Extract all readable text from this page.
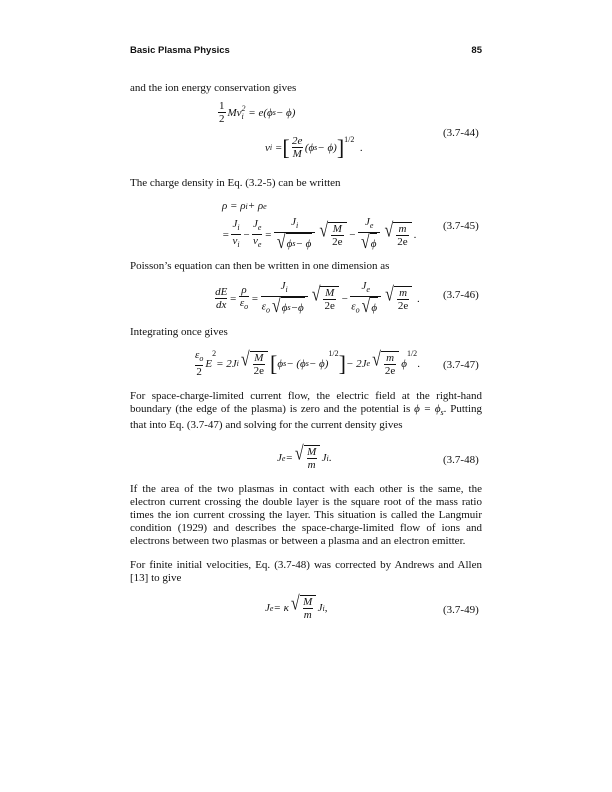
Basic Plasma Physics	85
and the ion energy conservation gives
$\frac{1}{2}$ Mv 2
i
= e(ϕ s − ϕ)
v i
= [ $\frac{2e}{M} (\phi$ s − ϕ) ]$^{1/2}$

.
(3.7-44)
The charge density in Eq. (3.2-5) can be written
ρ = ρ i + ρ e
= $\frac{J_i}{v_i} - \frac{J_e}{v_e} = \frac{J_i}{\text{√ ϕ s − ϕ}}$ √ $\frac{M}{2e} - \frac{J_e}{√ \phi}$ √ $\frac{m}{2e}$ .
(3.7-45)
Poisson’s equation can then be written in one dimension as
$\frac{dE}{dx} = \frac{\rho}{\varepsilon_o} = \frac{J_i}{\varepsilon_o √ \phi s -\phi}$ √ $\frac{M}{2e} - \frac{J_e}{\varepsilon_o √ \phi}$ √ $\frac{m}{2e}$
. (3.7-46)
Integrating once gives
$\frac{\varepsilon_o}{2}$ E
$^2$
= 2J i √ $\frac{M}{2e}$ [ ϕ s − (ϕ s − ϕ)
$^{1/2}$ ] − 2J e √ $\frac{m}{2e}$ ϕ
$^{1/2}$
. (3.7-47)
For space-charge-limited current flow, the electric field at the right-hand boundary (the edge of the plasma) is zero and the potential is $\phi = \phi_s$. Putting that into Eq. (3.7-47) and solving for the current density gives
J e = √ $\frac{M}{m}$ J i .	(3.7-48)
If the area of the two plasmas in contact with each other is the same, the electron current crossing the double layer is the square root of the mass ratio times the ion current crossing the layer. This situation is called the Langmuir condition (1929) and describes the space-charge-limited flow of ions and electrons between two plasmas or between a plasma and an electron emitter.
For finite initial velocities, Eq. (3.7-48) was corrected by Andrews and Allen [13] to give
J e = κ √ $\frac{M}{m}$ J i ,	(3.7-49)
